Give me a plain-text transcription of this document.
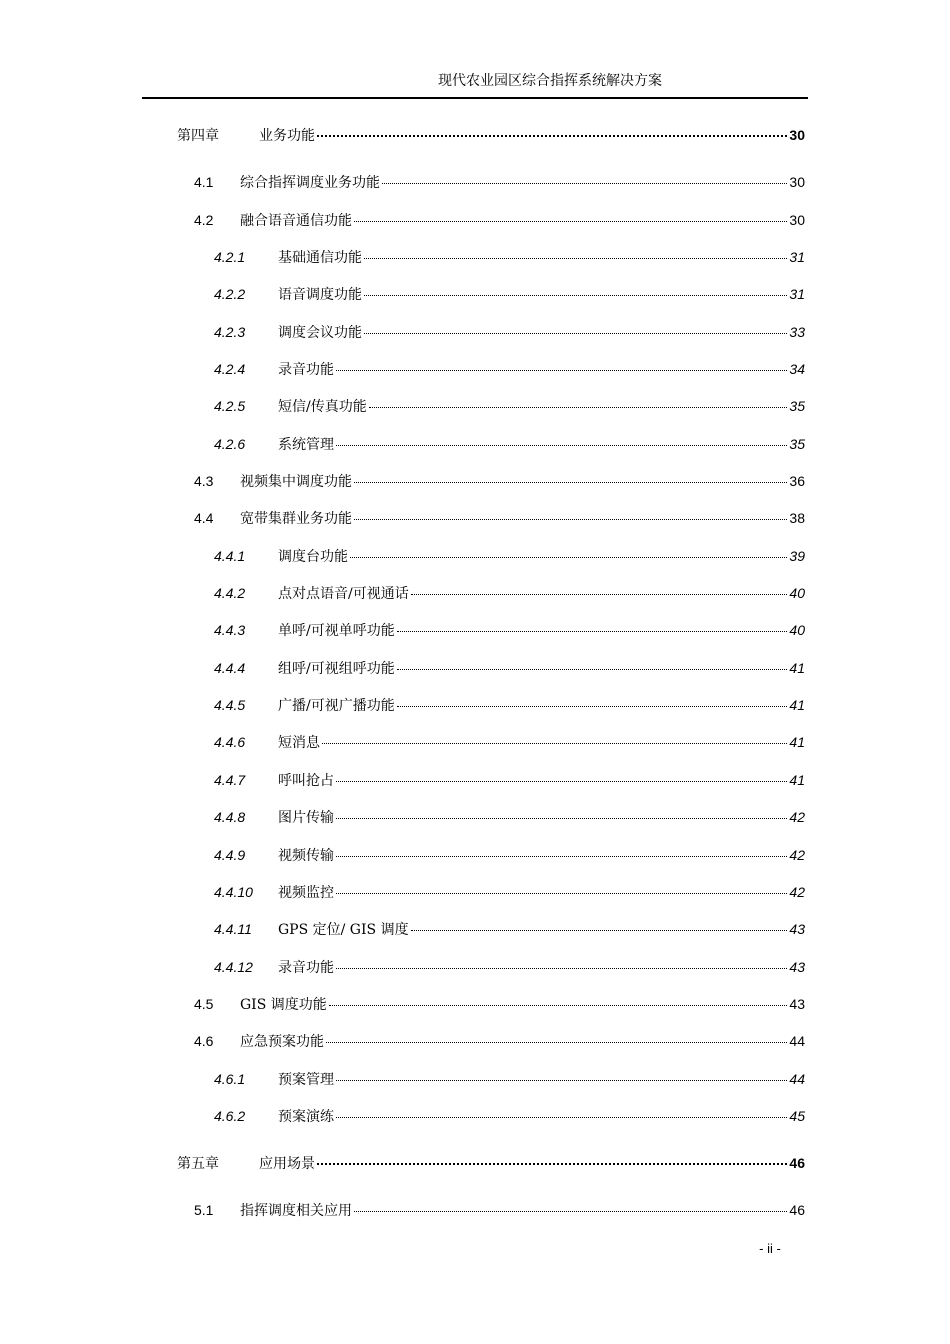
现代农业园区综合指挥系统解决方案
第四章	业务功能	30
4.1	综合指挥调度业务功能	30
4.2	融合语音通信功能	30
4.2.1	基础通信功能	31
4.2.2	语音调度功能	31
4.2.3	调度会议功能	33
4.2.4	录音功能	34
4.2.5	短信/传真功能	35
4.2.6	系统管理	35
4.3	视频集中调度功能	36
4.4	宽带集群业务功能	38
4.4.1	调度台功能	39
4.4.2	点对点语音/可视通话	40
4.4.3	单呼/可视单呼功能	40
4.4.4	组呼/可视组呼功能	41
4.4.5	广播/可视广播功能	41
4.4.6	短消息	41
4.4.7	呼叫抢占	41
4.4.8	图片传输	42
4.4.9	视频传输	42
4.4.10	视频监控	42
4.4.11	GPS 定位/ GIS 调度	43
4.4.12	录音功能	43
4.5	GIS 调度功能	43
4.6	应急预案功能	44
4.6.1	预案管理	44
4.6.2	预案演练	45
第五章	应用场景	46
5.1	指挥调度相关应用	46
- ii -
